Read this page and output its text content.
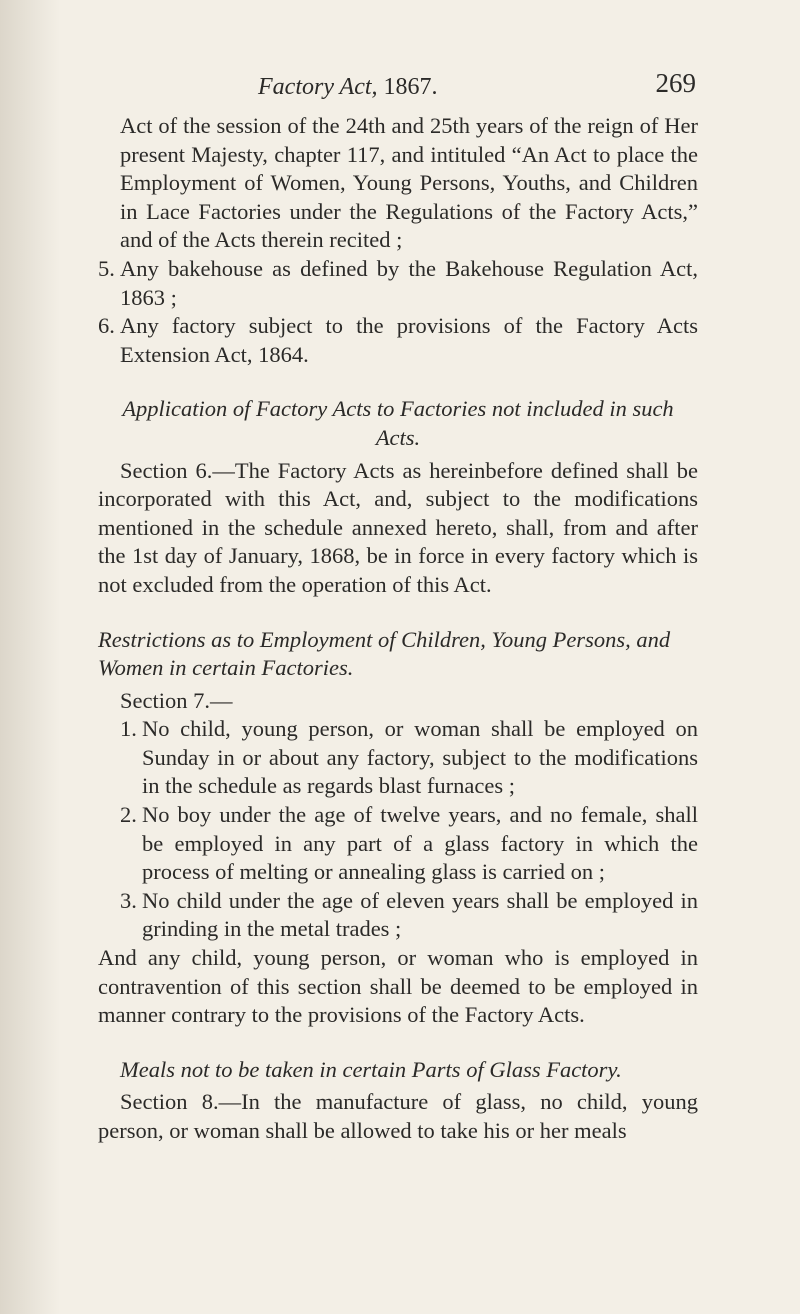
Factory Act, 1867.	269

Act of the session of the 24th and 25th years of the reign of Her present Majesty, chapter 117, and intituled “An Act to place the Employment of Women, Young Persons, Youths, and Children in Lace Factories under the Regulations of the Factory Acts,” and of the Acts therein recited ;

5. Any bakehouse as defined by the Bakehouse Regulation Act, 1863 ;
6. Any factory subject to the provisions of the Factory Acts Extension Act, 1864.

Application of Factory Acts to Factories not included in such Acts.

Section 6.—The Factory Acts as hereinbefore defined shall be incorporated with this Act, and, subject to the modifications mentioned in the schedule annexed hereto, shall, from and after the 1st day of January, 1868, be in force in every factory which is not excluded from the operation of this Act.

Restrictions as to Employment of Children, Young Persons, and Women in certain Factories.

Section 7.—

1. No child, young person, or woman shall be employed on Sunday in or about any factory, subject to the modifications in the schedule as regards blast furnaces ;
2. No boy under the age of twelve years, and no female, shall be employed in any part of a glass factory in which the process of melting or annealing glass is carried on ;
3. No child under the age of eleven years shall be employed in grinding in the metal trades ;

And any child, young person, or woman who is employed in contravention of this section shall be deemed to be employed in manner contrary to the provisions of the Factory Acts.

Meals not to be taken in certain Parts of Glass Factory.

Section 8.—In the manufacture of glass, no child, young person, or woman shall be allowed to take his or her meals
